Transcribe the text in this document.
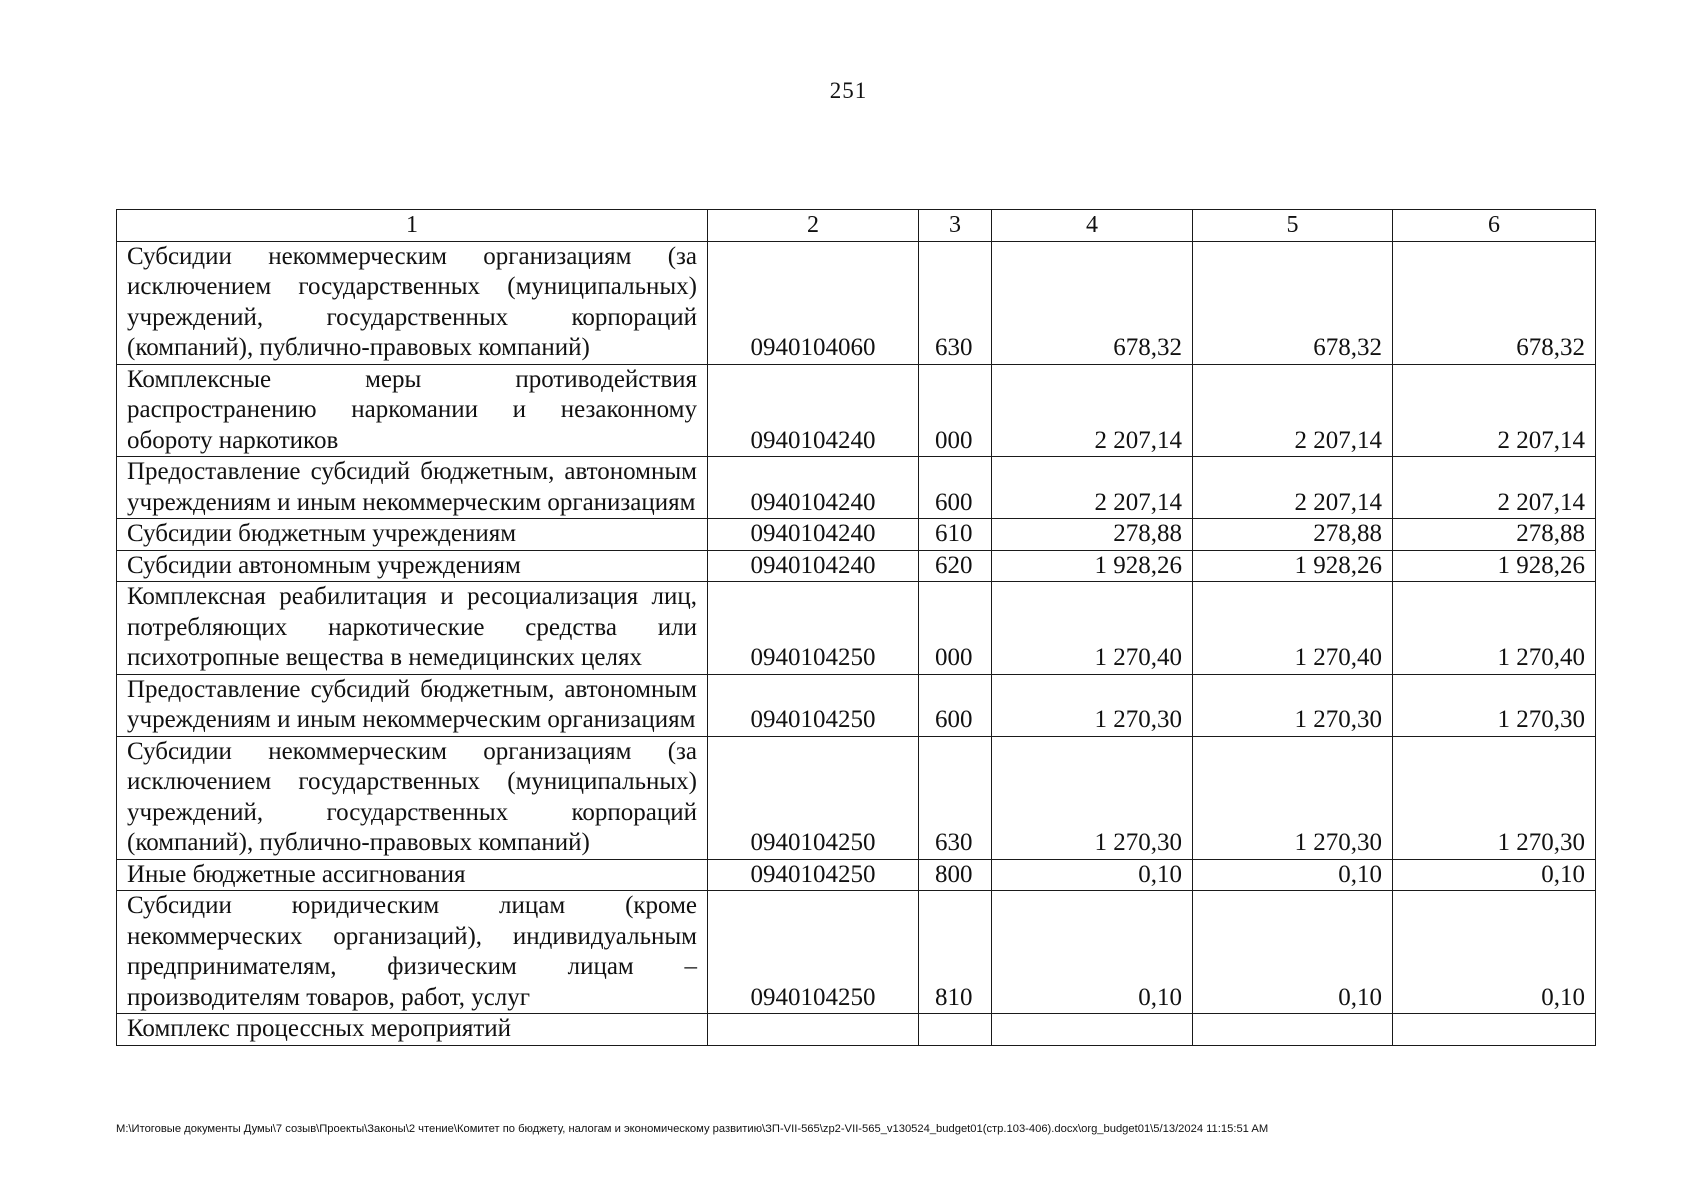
251
1	2	3	4	5	6
Субсидии некоммерческим организациям (за исключением государственных (муниципальных) учреждений, государственных корпораций (компаний), публично-правовых компаний)	0940104060	630	678,32	678,32	678,32
Комплексные меры противодействия распространению наркомании и незаконному обороту наркотиков	0940104240	000	2 207,14	2 207,14	2 207,14
Предоставление субсидий бюджетным, автономным учреждениям и иным некоммерческим организациям	0940104240	600	2 207,14	2 207,14	2 207,14
Субсидии бюджетным учреждениям	0940104240	610	278,88	278,88	278,88
Субсидии автономным учреждениям	0940104240	620	1 928,26	1 928,26	1 928,26
Комплексная реабилитация и ресоциализация лиц, потребляющих наркотические средства или психотропные вещества в немедицинских целях	0940104250	000	1 270,40	1 270,40	1 270,40
Предоставление субсидий бюджетным, автономным учреждениям и иным некоммерческим организациям	0940104250	600	1 270,30	1 270,30	1 270,30
Субсидии некоммерческим организациям (за исключением государственных (муниципальных) учреждений, государственных корпораций (компаний), публично-правовых компаний)	0940104250	630	1 270,30	1 270,30	1 270,30
Иные бюджетные ассигнования	0940104250	800	0,10	0,10	0,10
Субсидии юридическим лицам (кроме некоммерческих организаций), индивидуальным предпринимателям, физическим лицам – производителям товаров, работ, услуг	0940104250	810	0,10	0,10	0,10
Комплекс процессных мероприятий					
M:\Итоговые документы Думы\7 созыв\Проекты\Законы\2 чтение\Комитет по бюджету, налогам и экономическому развитию\ЗП-VII-565\zp2-VII-565_v130524_budget01(стр.103-406).docx\org_budget01\5/13/2024 11:15:51 AM
